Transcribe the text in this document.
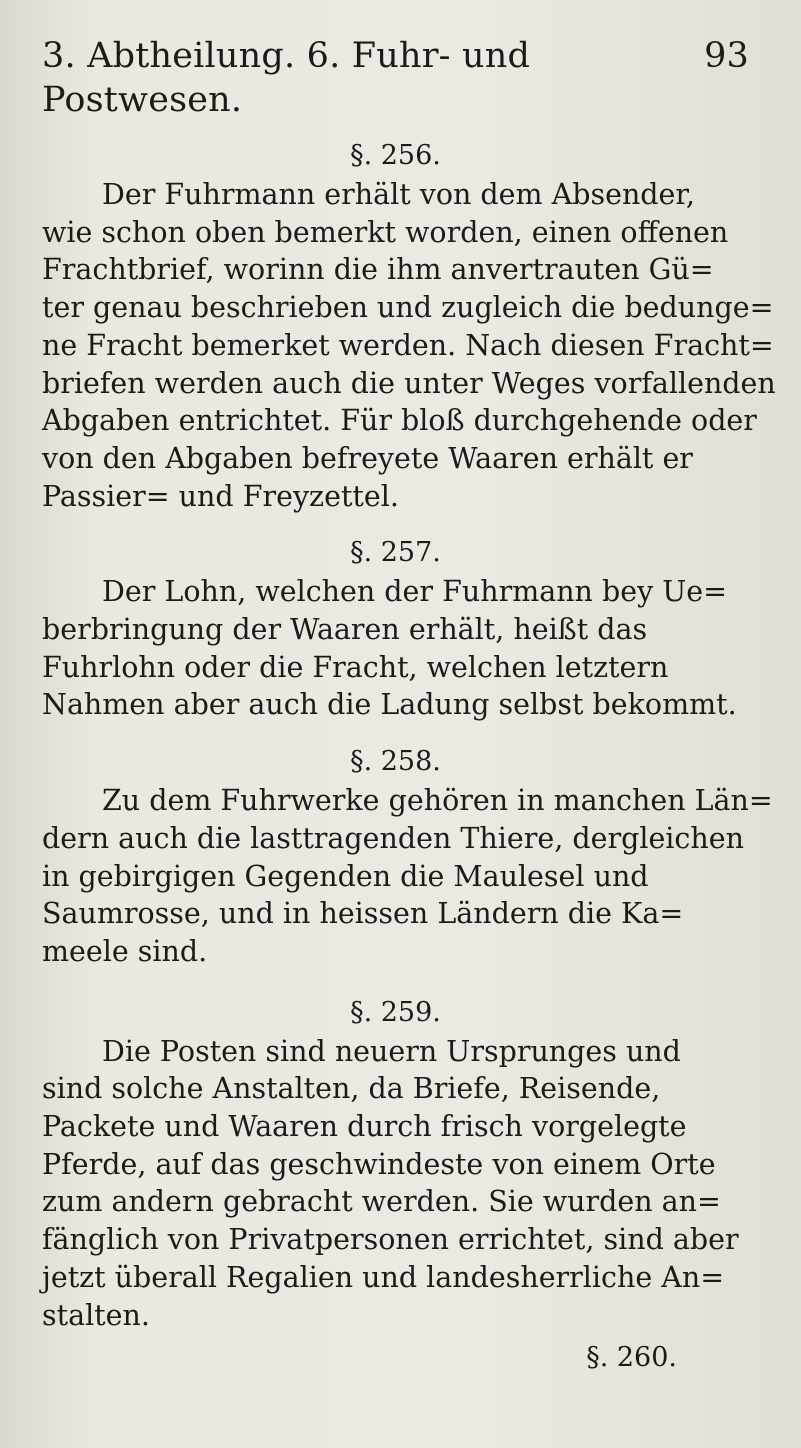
3. Abtheilung. 6. Fuhr- und Postwesen.
93

§. 256.

Der Fuhrmann erhält von dem Absender,
wie schon oben bemerkt worden, einen offenen
Frachtbrief, worinn die ihm anvertrauten Gü=
ter genau beschrieben und zugleich die bedunge=
ne Fracht bemerket werden. Nach diesen Fracht=
briefen werden auch die unter Weges vorfallenden
Abgaben entrichtet. Für bloß durchgehende oder
von den Abgaben befreyete Waaren erhält er
Passier= und Freyzettel.

§. 257.

Der Lohn, welchen der Fuhrmann bey Ue=
berbringung der Waaren erhält, heißt das
Fuhrlohn oder die Fracht, welchen letztern
Nahmen aber auch die Ladung selbst bekommt.

§. 258.

Zu dem Fuhrwerke gehören in manchen Län=
dern auch die lasttragenden Thiere, dergleichen
in gebirgigen Gegenden die Maulesel und
Saumrosse, und in heissen Ländern die Ka=
meele sind.

§. 259.

Die Posten sind neuern Ursprunges und
sind solche Anstalten, da Briefe, Reisende,
Packete und Waaren durch frisch vorgelegte
Pferde, auf das geschwindeste von einem Orte
zum andern gebracht werden. Sie wurden an=
fänglich von Privatpersonen errichtet, sind aber
jetzt überall Regalien und landesherrliche An=
stalten.

§. 260.
